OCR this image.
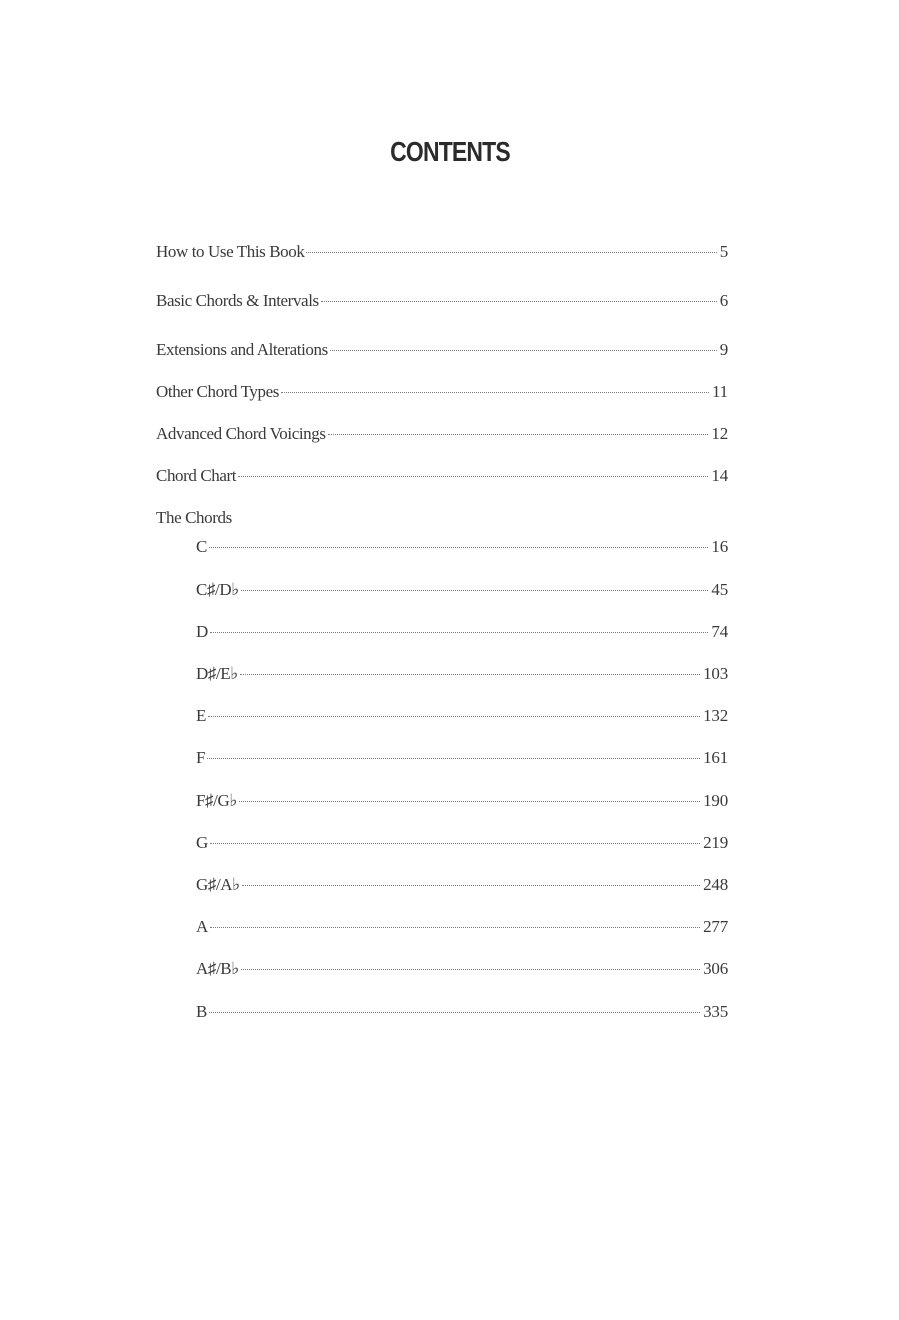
CONTENTS
How to Use This Book	5
Basic Chords & Intervals	6
Extensions and Alterations	9
Other Chord Types	11
Advanced Chord Voicings	12
Chord Chart	14
The Chords
C	16
C♯/D♭	45
D	74
D♯/E♭	103
E	132
F	161
F♯/G♭	190
G	219
G♯/A♭	248
A	277
A♯/B♭	306
B	335
